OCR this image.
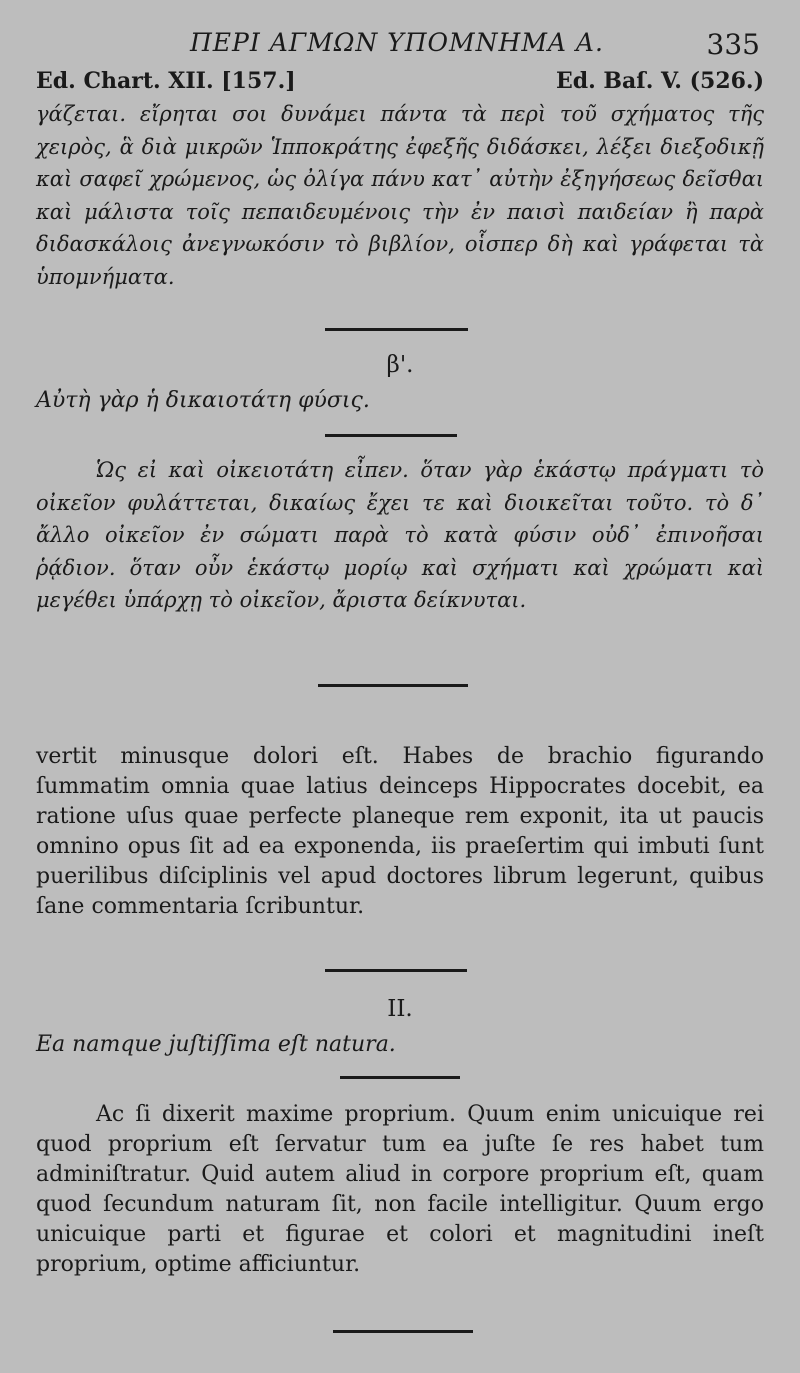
ΠΕΡΙ ΑΓΜΩΝ ΥΠΟΜΝΗΜΑ Α.	335
Ed. Chart. XII. [157.]	Ed. Baſ. V. (526.)
γάζεται. εἴρηται σοι δυνάμει πάντα τὰ περὶ τοῦ σχήματος τῆς χειρὸς, ἃ διὰ μικρῶν Ἱπποκράτης ἐφεξῆς διδάσκει, λέξει διεξοδικῇ καὶ σαφεῖ χρώμενος, ὡς ὀλίγα πάνυ κατ᾽ αὐτὴν ἐξηγήσεως δεῖσθαι καὶ μάλιστα τοῖς πεπαιδευμένοις τὴν ἐν παισὶ παιδείαν ἢ παρὰ διδασκάλοις ἀνεγνωκόσιν τὸ βιβλίον, οἷσπερ δὴ καὶ γράφεται τὰ ὑπομνήματα.
β'.
Αὐτὴ γὰρ ἡ δικαιοτάτη φύσις.
Ὡς εἰ καὶ οἰκειοτάτη εἶπεν. ὅταν γὰρ ἑκάστῳ πράγματι τὸ οἰκεῖον φυλάττεται, δικαίως ἔχει τε καὶ διοικεῖται τοῦτο. τὸ δ᾽ ἄλλο οἰκεῖον ἐν σώματι παρὰ τὸ κατὰ φύσιν οὐδ᾽ ἐπινοῆσαι ῥᾴδιον. ὅταν οὖν ἑκάστῳ μορίῳ καὶ σχήματι καὶ χρώματι καὶ μεγέθει ὑπάρχῃ τὸ οἰκεῖον, ἄριστα δείκνυται.
vertit minusque dolori eſt. Habes de brachio figurando ſummatim omnia quae latius deinceps Hippocrates docebit, ea ratione uſus quae perfecte planeque rem exponit, ita ut paucis omnino opus ſit ad ea exponenda, iis praeſertim qui imbuti ſunt puerilibus diſciplinis vel apud doctores librum legerunt, quibus ſane commentaria ſcribuntur.
II.
Ea namque juſtiſſima eſt natura.
Ac ſi dixerit maxime proprium. Quum enim unicuique rei quod proprium eſt ſervatur tum ea juſte ſe res habet tum adminiſtratur. Quid autem aliud in corpore proprium eſt, quam quod ſecundum naturam ſit, non facile intelligitur. Quum ergo unicuique parti et figurae et colori et magnitudini ineſt proprium, optime afficiuntur.
